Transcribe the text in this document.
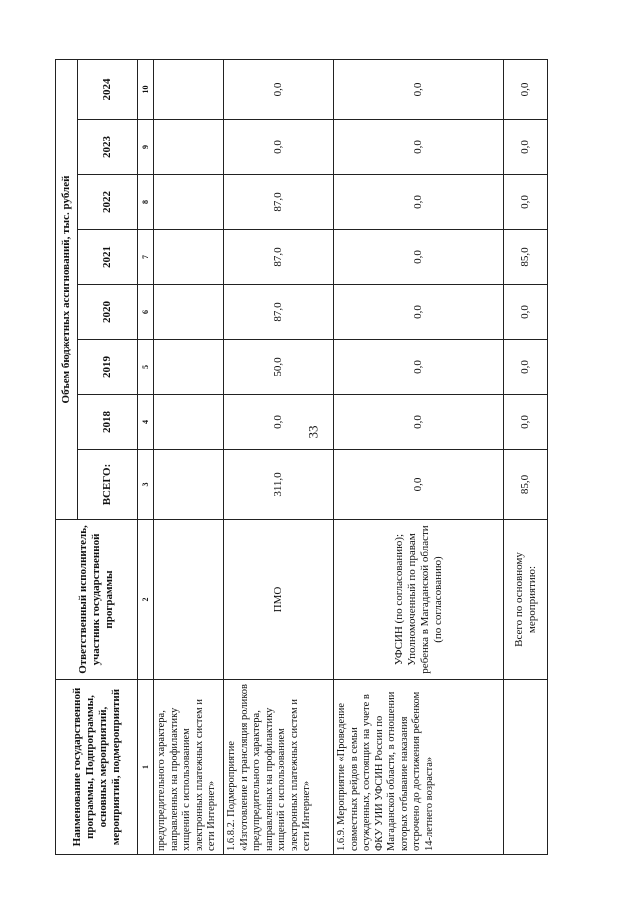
33
Наименование государственной программы, Подпрограммы, основных мероприятий, мероприятий, подмероприятий	Ответственный исполнитель, участник государственной программы	Объем бюджетных ассигнований, тыс. рублей							
		ВСЕГО:	2018	2019	2020	2021	2022	2023	2024
1	2	3	4	5	6	7	8	9	10
предупредительного характера, направленных на профилактику хищений с использованием электронных платежных систем и сети Интернет»									
1.6.8.2. Подмероприятие «Изготовление и трансляция роликов предупредительного характера, направленных на профилактику хищений с использованием электронных платежных систем и сети Интернет»	ПМО	311,0	0,0	50,0	87,0	87,0	87,0	0,0	0,0
1.6.9. Мероприятие «Проведение совместных рейдов в семьи осужденных, состоящих на учете в ФКУ УИИ УФСИН России по Магаданской области, в отношении которых отбывание наказания отсрочено до достижения ребенком 14-летнего возраста»	УФСИН (по согласованию); Уполномоченный по правам ребенка в Магаданской области (по согласованию)	0,0	0,0	0,0	0,0	0,0	0,0	0,0	0,0
	Всего по основному мероприятию:	85,0	0,0	0,0	0,0	85,0	0,0	0,0	0,0
